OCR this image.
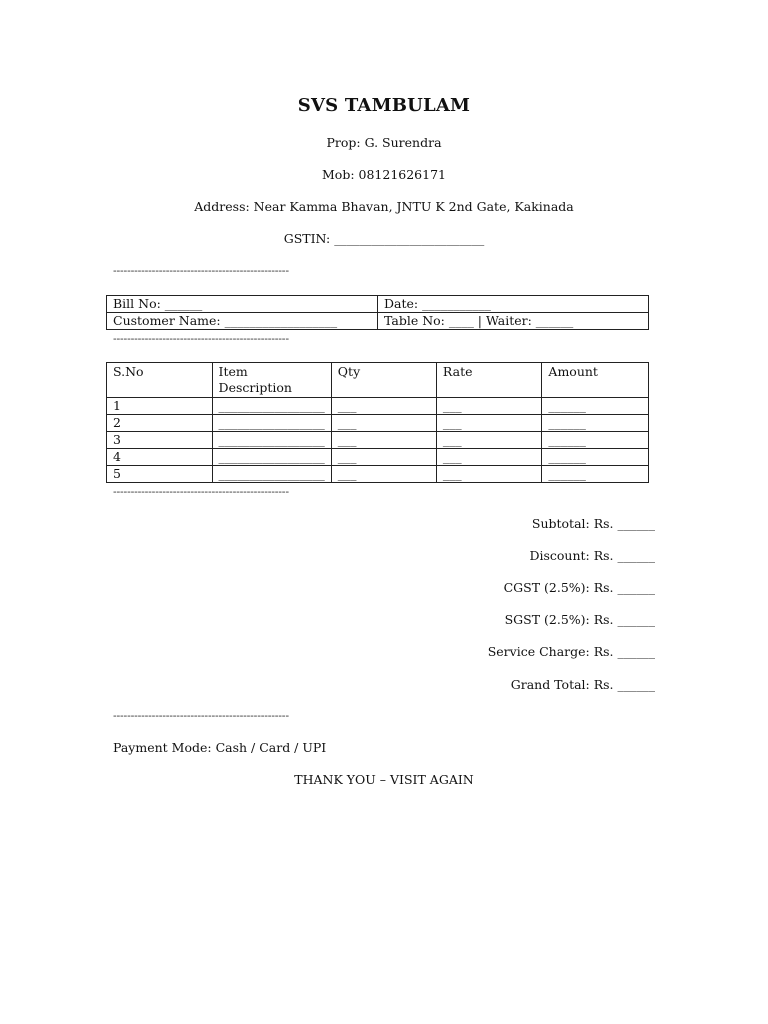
SVS TAMBULAM
Prop: G. Surendra
Mob: 08121626171
Address: Near Kamma Bhavan, JNTU K 2nd Gate, Kakinada
GSTIN: ________________________
--------------------------------------------------
Bill No: ______	Date: ___________
Customer Name: __________________	Table No: ____ | Waiter: ______
--------------------------------------------------
S.No	Item Description	Qty	Rate	Amount
1	_________________	___	___	______
2	_________________	___	___	______
3	_________________	___	___	______
4	_________________	___	___	______
5	_________________	___	___	______
--------------------------------------------------
Subtotal: Rs. ______
Discount: Rs. ______
CGST (2.5%): Rs. ______
SGST (2.5%): Rs. ______
Service Charge: Rs. ______
Grand Total: Rs. ______
--------------------------------------------------
Payment Mode: Cash / Card / UPI
THANK YOU – VISIT AGAIN
